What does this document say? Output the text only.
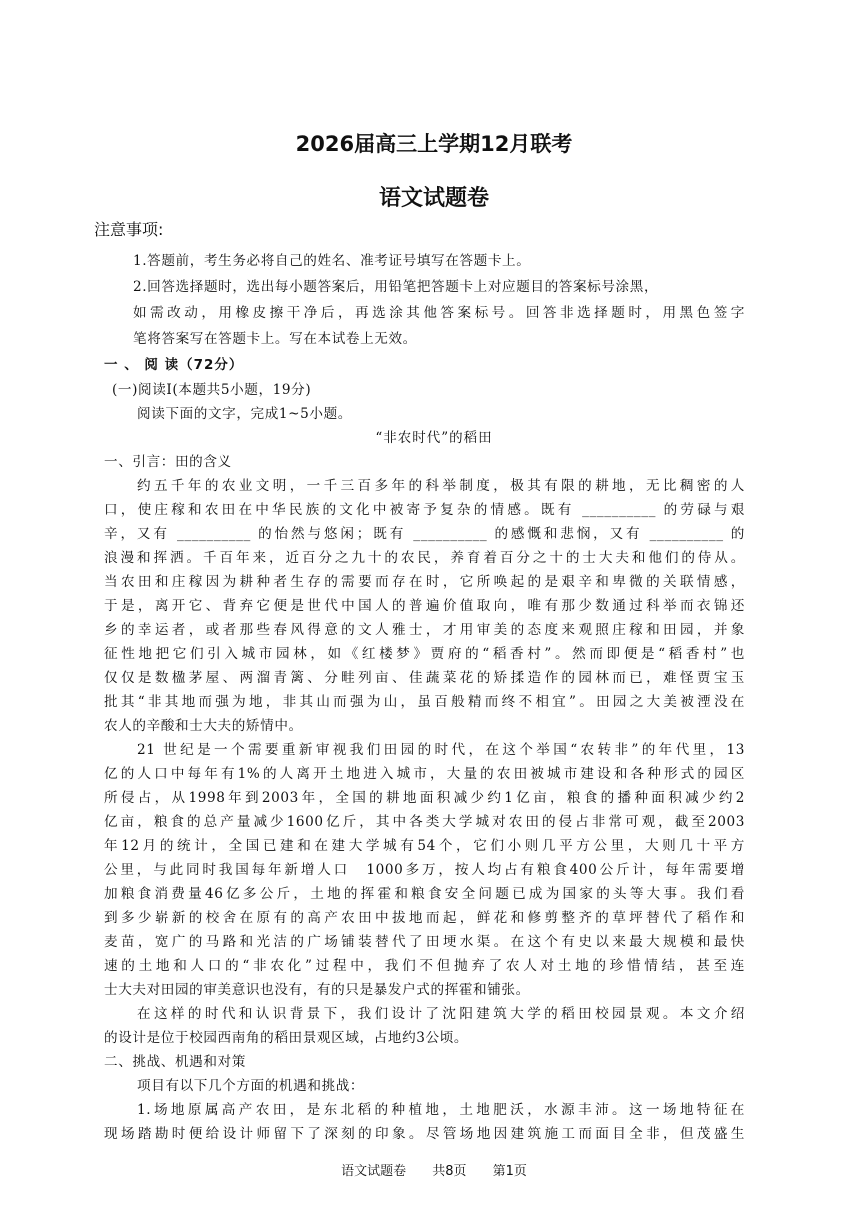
2026届高三上学期12月联考
语文试题卷
注意事项:
1.答题前，考生务必将自己的姓名、准考证号填写在答题卡上。
2.回答选择题时，选出每小题答案后，用铅笔把答题卡上对应题目的答案标号涂黑，
如需改动，用橡皮擦干净后，再选涂其他答案标号。回答非选择题时，用黑色签字
笔将答案写在答题卡上。写在本试卷上无效。
一 、 阅 读（72分）
(一)阅读Ⅰ(本题共5小题，19分)
阅读下面的文字，完成1~5小题。
“非农时代”的稻田
一、引言：田的含义
约五千年的农业文明，一千三百多年的科举制度，极其有限的耕地，无比稠密的人
口，使庄稼和农田在中华民族的文化中被寄予复杂的情感。既有 __________ 的劳碌与艰
辛，又有 __________ 的怡然与悠闲；既有 __________ 的感慨和悲悯，又有 __________ 的
浪漫和挥洒。千百年来，近百分之九十的农民，养育着百分之十的士大夫和他们的侍从。
当农田和庄稼因为耕种者生存的需要而存在时，它所唤起的是艰辛和卑微的关联情感，
于是，离开它、背弃它便是世代中国人的普遍价值取向，唯有那少数通过科举而衣锦还
乡的幸运者，或者那些春风得意的文人雅士，才用审美的态度来观照庄稼和田园，并象
征性地把它们引入城市园林，如《红楼梦》贾府的“稻香村”。然而即便是“稻香村”也
仅仅是数楹茅屋、两溜青篱、分畦列亩、佳蔬菜花的矫揉造作的园林而已，难怪贾宝玉
批其“非其地而强为地，非其山而强为山，虽百般精而终不相宜”。田园之大美被湮没在
农人的辛酸和士大夫的矫情中。
21 世纪是一个需要重新审视我们田园的时代，在这个举国“农转非”的年代里，13
亿的人口中每年有1%的人离开土地进入城市，大量的农田被城市建设和各种形式的园区
所侵占，从1998年到2003年，全国的耕地面积减少约1亿亩，粮食的播种面积减少约2
亿亩，粮食的总产量减少1600亿斤，其中各类大学城对农田的侵占非常可观，截至2003
年12月的统计，全国已建和在建大学城有54个，它们小则几平方公里，大则几十平方
公里，与此同时我国每年新增人口　1000多万，按人均占有粮食400公斤计，每年需要增
加粮食消费量46亿多公斤，土地的挥霍和粮食安全问题已成为国家的头等大事。我们看
到多少崭新的校舍在原有的高产农田中拔地而起，鲜花和修剪整齐的草坪替代了稻作和
麦苗，宽广的马路和光洁的广场铺装替代了田埂水渠。在这个有史以来最大规模和最快
速的土地和人口的“非农化”过程中，我们不但抛弃了农人对土地的珍惜情结，甚至连
士大夫对田园的审美意识也没有，有的只是暴发户式的挥霍和铺张。
在这样的时代和认识背景下，我们设计了沈阳建筑大学的稻田校园景观。本文介绍
的设计是位于校园西南角的稻田景观区域，占地约3公顷。
二、挑战、机遇和对策
项目有以下几个方面的机遇和挑战：
1.场地原属高产农田，是东北稻的种植地，土地肥沃，水源丰沛。这一场地特征在
现场踏勘时便给设计师留下了深刻的印象。尽管场地因建筑施工而面目全非，但茂盛生
语文试题卷 共8页 第1页
